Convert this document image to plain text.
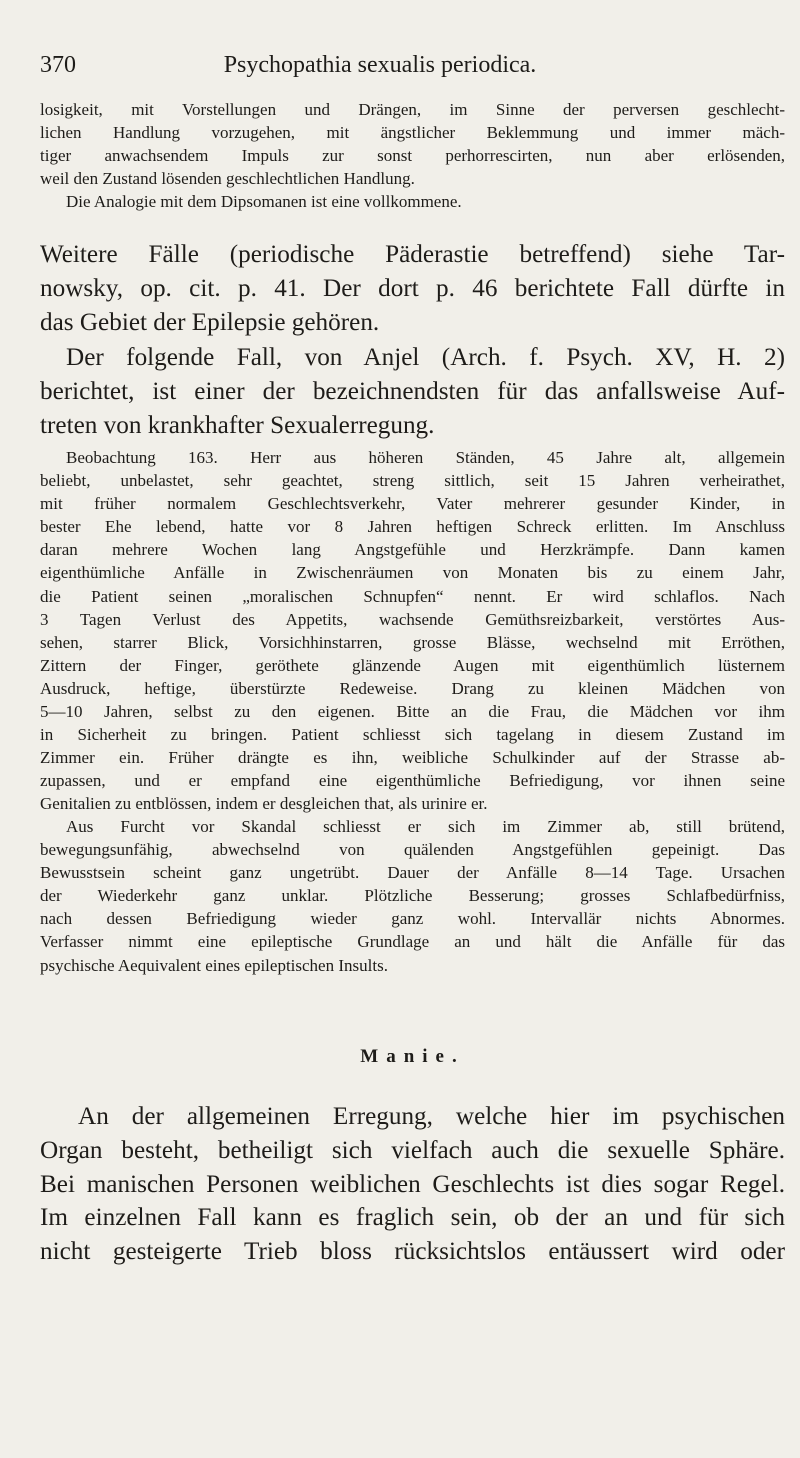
370	Psychopathia sexualis periodica.
losigkeit, mit Vorstellungen und Drängen, im Sinne der perversen geschlecht-
lichen Handlung vorzugehen, mit ängstlicher Beklemmung und immer mäch-
tiger anwachsendem Impuls zur sonst perhorrescirten, nun aber erlösenden,
weil den Zustand lösenden geschlechtlichen Handlung.
Die Analogie mit dem Dipsomanen ist eine vollkommene.
Weitere Fälle (periodische Päderastie betreffend) siehe Tar-
nowsky, op. cit. p. 41. Der dort p. 46 berichtete Fall dürfte in
das Gebiet der Epilepsie gehören.
Der folgende Fall, von Anjel (Arch. f. Psych. XV, H. 2)
berichtet, ist einer der bezeichnendsten für das anfallsweise Auf-
treten von krankhafter Sexualerregung.
Beobachtung 163. Herr aus höheren Ständen, 45 Jahre alt, allgemein
beliebt, unbelastet, sehr geachtet, streng sittlich, seit 15 Jahren verheirathet,
mit früher normalem Geschlechtsverkehr, Vater mehrerer gesunder Kinder, in
bester Ehe lebend, hatte vor 8 Jahren heftigen Schreck erlitten. Im Anschluss
daran mehrere Wochen lang Angstgefühle und Herzkrämpfe. Dann kamen
eigenthümliche Anfälle in Zwischenräumen von Monaten bis zu einem Jahr,
die Patient seinen „moralischen Schnupfen“ nennt. Er wird schlaflos. Nach
3 Tagen Verlust des Appetits, wachsende Gemüthsreizbarkeit, verstörtes Aus-
sehen, starrer Blick, Vorsichhinstarren, grosse Blässe, wechselnd mit Erröthen,
Zittern der Finger, geröthete glänzende Augen mit eigenthümlich lüsternem
Ausdruck, heftige, überstürzte Redeweise. Drang zu kleinen Mädchen von
5—10 Jahren, selbst zu den eigenen. Bitte an die Frau, die Mädchen vor ihm
in Sicherheit zu bringen. Patient schliesst sich tagelang in diesem Zustand im
Zimmer ein. Früher drängte es ihn, weibliche Schulkinder auf der Strasse ab-
zupassen, und er empfand eine eigenthümliche Befriedigung, vor ihnen seine
Genitalien zu entblössen, indem er desgleichen that, als urinire er.
Aus Furcht vor Skandal schliesst er sich im Zimmer ab, still brütend,
bewegungsunfähig, abwechselnd von quälenden Angstgefühlen gepeinigt. Das
Bewusstsein scheint ganz ungetrübt. Dauer der Anfälle 8—14 Tage. Ursachen
der Wiederkehr ganz unklar. Plötzliche Besserung; grosses Schlafbedürfniss,
nach dessen Befriedigung wieder ganz wohl. Intervallär nichts Abnormes.
Verfasser nimmt eine epileptische Grundlage an und hält die Anfälle für das
psychische Aequivalent eines epileptischen Insults.
Manie.
An der allgemeinen Erregung, welche hier im psychischen
Organ besteht, betheiligt sich vielfach auch die sexuelle Sphäre.
Bei manischen Personen weiblichen Geschlechts ist dies sogar Regel.
Im einzelnen Fall kann es fraglich sein, ob der an und für sich
nicht gesteigerte Trieb bloss rücksichtslos entäussert wird oder
